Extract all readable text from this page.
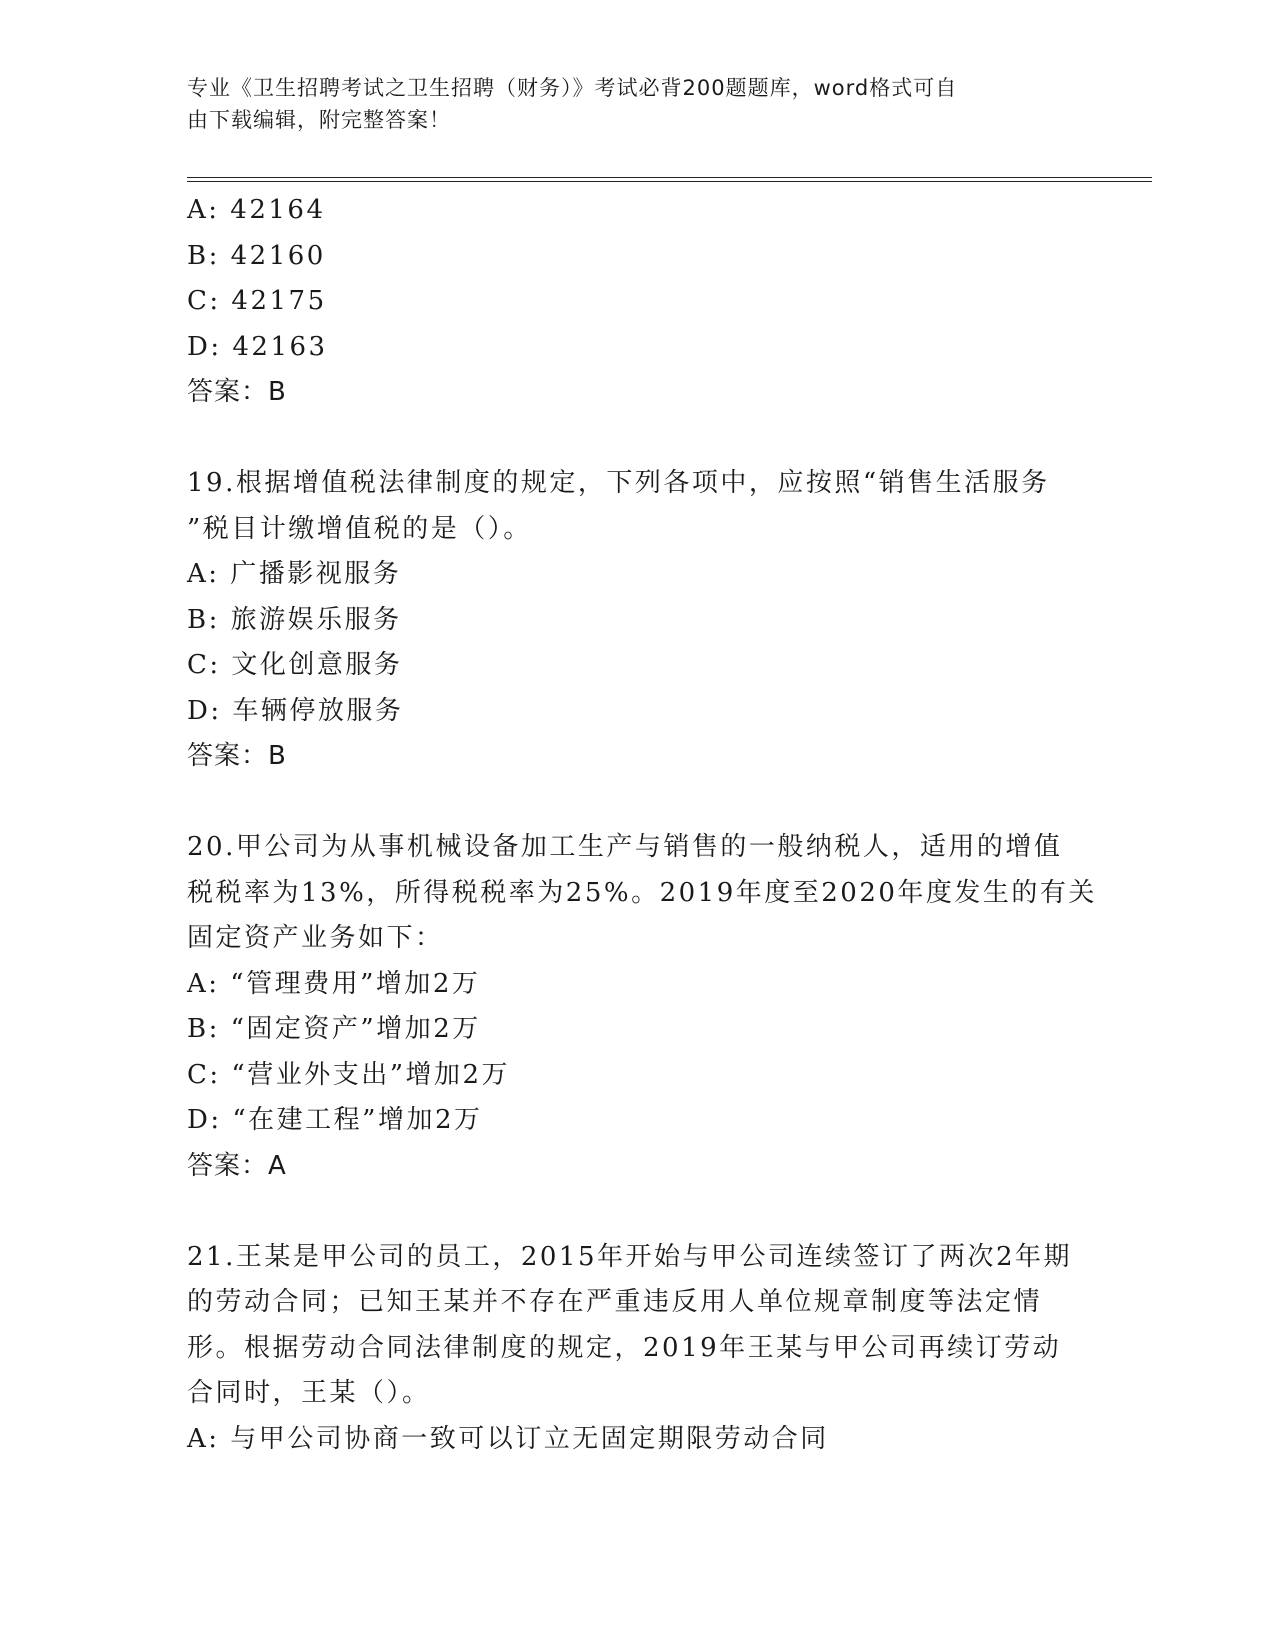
专业《卫生招聘考试之卫生招聘（财务）》考试必背200题题库，word格式可自
由下载编辑，附完整答案！
A: 42164
B: 42160
C: 42175
D: 42163
答案：B
19.根据增值税法律制度的规定，下列各项中，应按照“销售生活服务
”税目计缴增值税的是（）。
A: 广播影视服务
B: 旅游娱乐服务
C: 文化创意服务
D: 车辆停放服务
答案：B
20.甲公司为从事机械设备加工生产与销售的一般纳税人，适用的增值
税税率为13%，所得税税率为25%。2019年度至2020年度发生的有关
固定资产业务如下：
A: “管理费用”增加2万
B: “固定资产”增加2万
C: “营业外支出”增加2万
D: “在建工程”增加2万
答案：A
21.王某是甲公司的员工，2015年开始与甲公司连续签订了两次2年期
的劳动合同；已知王某并不存在严重违反用人单位规章制度等法定情
形。根据劳动合同法律制度的规定，2019年王某与甲公司再续订劳动
合同时，王某（）。
A: 与甲公司协商一致可以订立无固定期限劳动合同
